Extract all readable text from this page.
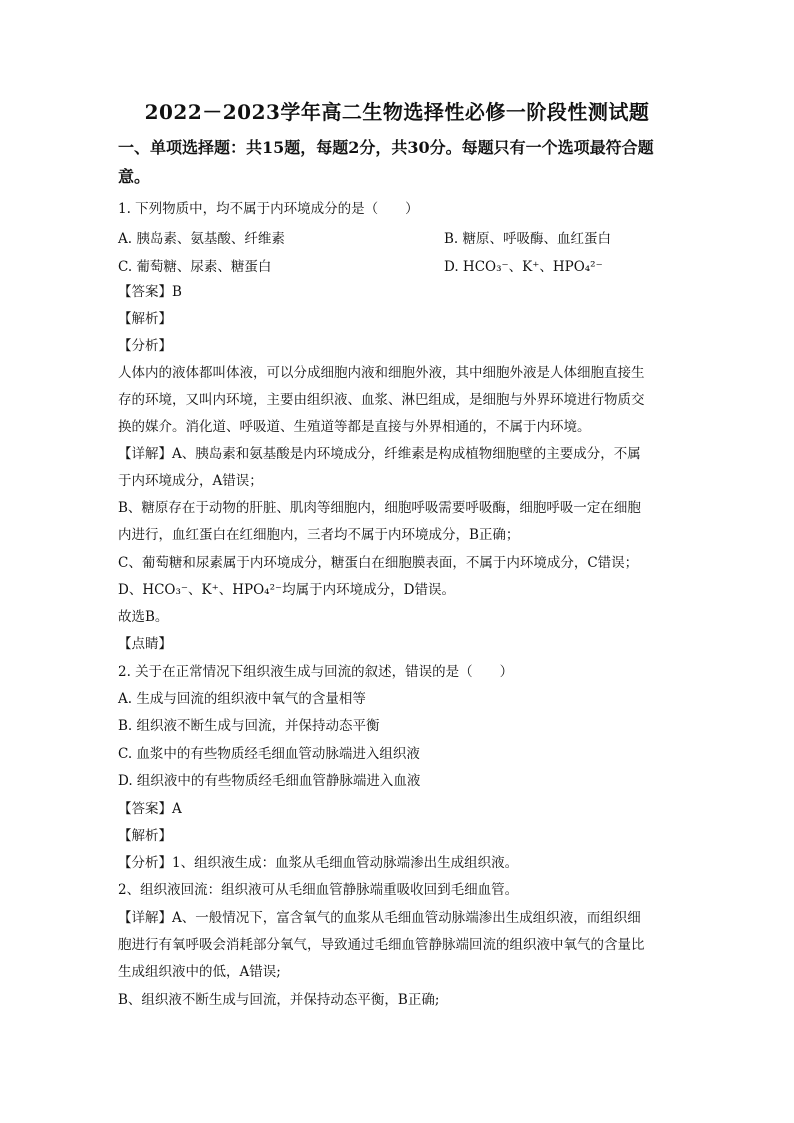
2022－2023学年高二生物选择性必修一阶段性测试题
一、单项选择题：共15题，每题2分，共30分。每题只有一个选项最符合题意。
1. 下列物质中，均不属于内环境成分的是（　　）
A. 胰岛素、氨基酸、纤维素	B. 糖原、呼吸酶、血红蛋白
C. 葡萄糖、尿素、糖蛋白	D. HCO₃⁻、K⁺、HPO₄²⁻
【答案】B
【解析】
【分析】
人体内的液体都叫体液，可以分成细胞内液和细胞外液，其中细胞外液是人体细胞直接生
存的环境，又叫内环境，主要由组织液、血浆、淋巴组成，是细胞与外界环境进行物质交
换的媒介。消化道、呼吸道、生殖道等都是直接与外界相通的，不属于内环境。
【详解】A、胰岛素和氨基酸是内环境成分，纤维素是构成植物细胞壁的主要成分，不属
于内环境成分，A错误；
B、糖原存在于动物的肝脏、肌肉等细胞内，细胞呼吸需要呼吸酶，细胞呼吸一定在细胞
内进行，血红蛋白在红细胞内，三者均不属于内环境成分，B正确；
C、葡萄糖和尿素属于内环境成分，糖蛋白在细胞膜表面，不属于内环境成分，C错误；
D、HCO₃⁻、K⁺、HPO₄²⁻均属于内环境成分，D错误。
故选B。
【点睛】
2. 关于在正常情况下组织液生成与回流的叙述，错误的是（　　）
A. 生成与回流的组织液中氧气的含量相等
B. 组织液不断生成与回流，并保持动态平衡
C. 血浆中的有些物质经毛细血管动脉端进入组织液
D. 组织液中的有些物质经毛细血管静脉端进入血液
【答案】A
【解析】
【分析】1、组织液生成：血浆从毛细血管动脉端渗出生成组织液。
2、组织液回流：组织液可从毛细血管静脉端重吸收回到毛细血管。
【详解】A、一般情况下，富含氧气的血浆从毛细血管动脉端渗出生成组织液，而组织细
胞进行有氧呼吸会消耗部分氧气，导致通过毛细血管静脉端回流的组织液中氧气的含量比
生成组织液中的低，A错误;
B、组织液不断生成与回流，并保持动态平衡，B正确;
